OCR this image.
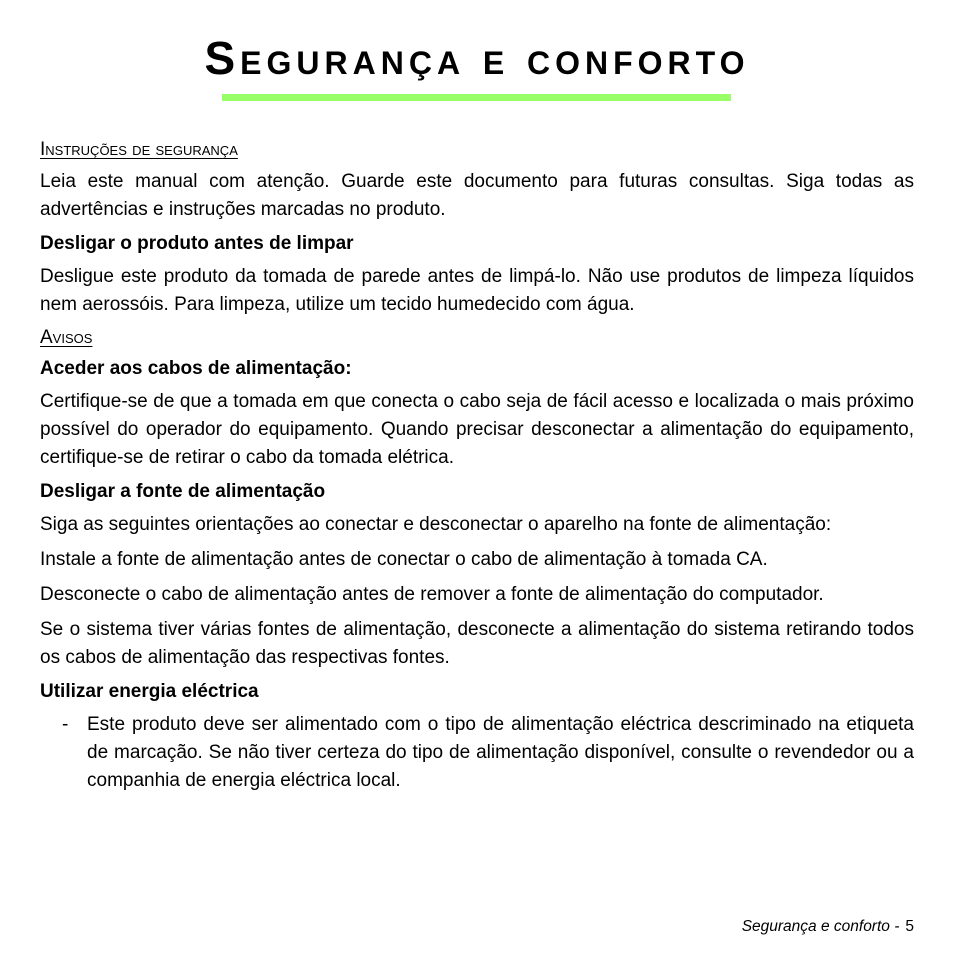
Segurança e conforto
Instruções de segurança

Leia este manual com atenção. Guarde este documento para futuras consultas. Siga todas as advertências e instruções marcadas no produto.

Desligar o produto antes de limpar

Desligue este produto da tomada de parede antes de limpá-lo. Não use produtos de limpeza líquidos nem aerossóis. Para limpeza, utilize um tecido humedecido com água.

Avisos
Aceder aos cabos de alimentação:

Certifique-se de que a tomada em que conecta o cabo seja de fácil acesso e localizada o mais próximo possível do operador do equipamento. Quando precisar desconectar a alimentação do equipamento, certifique-se de retirar o cabo da tomada elétrica.

Desligar a fonte de alimentação

Siga as seguintes orientações ao conectar e desconectar o aparelho na fonte de alimentação:

Instale a fonte de alimentação antes de conectar o cabo de alimentação à tomada CA.

Desconecte o cabo de alimentação antes de remover a fonte de alimentação do computador.

Se o sistema tiver várias fontes de alimentação, desconecte a alimentação do sistema retirando todos os cabos de alimentação das respectivas fontes.

Utilizar energia eléctrica
- Este produto deve ser alimentado com o tipo de alimentação eléctrica descriminado na etiqueta de marcação. Se não tiver certeza do tipo de alimentação disponível, consulte o revendedor ou a companhia de energia eléctrica local.
Segurança e conforto - 5
